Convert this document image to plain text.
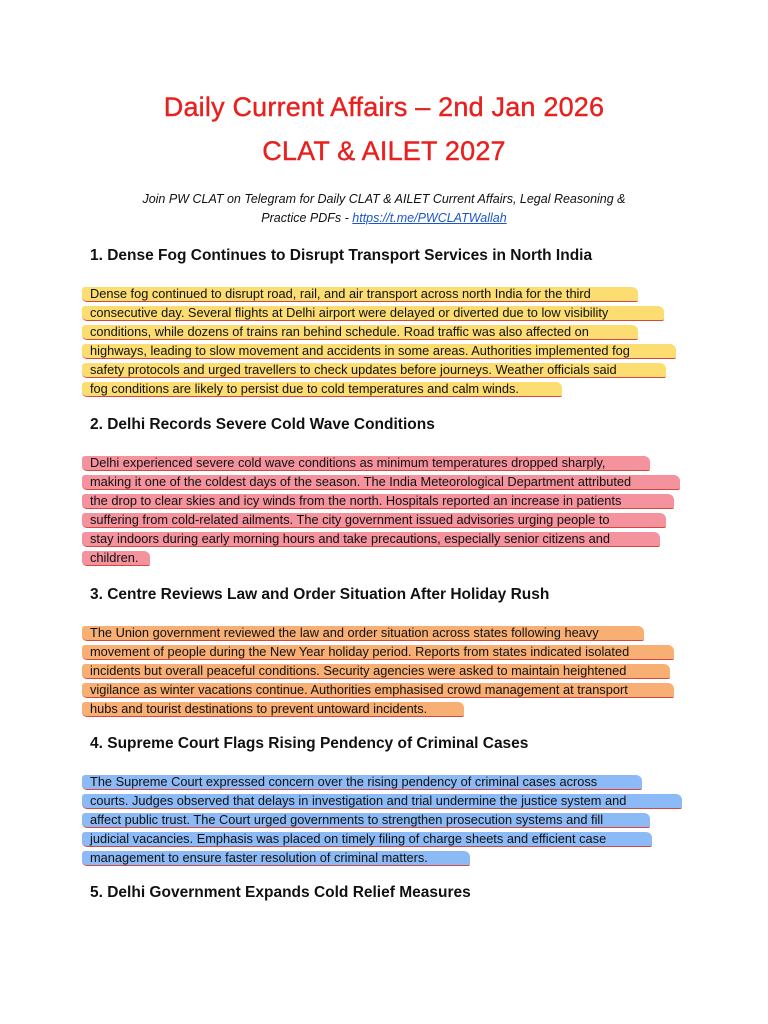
Daily Current Affairs – 2nd Jan 2026
CLAT & AILET 2027
Join PW CLAT on Telegram for Daily CLAT & AILET Current Affairs, Legal Reasoning &
Practice PDFs - https://t.me/PWCLATWallah
1. Dense Fog Continues to Disrupt Transport Services in North India
Dense fog continued to disrupt road, rail, and air transport across north India for the third
consecutive day. Several flights at Delhi airport were delayed or diverted due to low visibility
conditions, while dozens of trains ran behind schedule. Road traffic was also affected on
highways, leading to slow movement and accidents in some areas. Authorities implemented fog
safety protocols and urged travellers to check updates before journeys. Weather officials said
fog conditions are likely to persist due to cold temperatures and calm winds.
2. Delhi Records Severe Cold Wave Conditions
Delhi experienced severe cold wave conditions as minimum temperatures dropped sharply,
making it one of the coldest days of the season. The India Meteorological Department attributed
the drop to clear skies and icy winds from the north. Hospitals reported an increase in patients
suffering from cold-related ailments. The city government issued advisories urging people to
stay indoors during early morning hours and take precautions, especially senior citizens and
children.
3. Centre Reviews Law and Order Situation After Holiday Rush
The Union government reviewed the law and order situation across states following heavy
movement of people during the New Year holiday period. Reports from states indicated isolated
incidents but overall peaceful conditions. Security agencies were asked to maintain heightened
vigilance as winter vacations continue. Authorities emphasised crowd management at transport
hubs and tourist destinations to prevent untoward incidents.
4. Supreme Court Flags Rising Pendency of Criminal Cases
The Supreme Court expressed concern over the rising pendency of criminal cases across
courts. Judges observed that delays in investigation and trial undermine the justice system and
affect public trust. The Court urged governments to strengthen prosecution systems and fill
judicial vacancies. Emphasis was placed on timely filing of charge sheets and efficient case
management to ensure faster resolution of criminal matters.
5. Delhi Government Expands Cold Relief Measures
